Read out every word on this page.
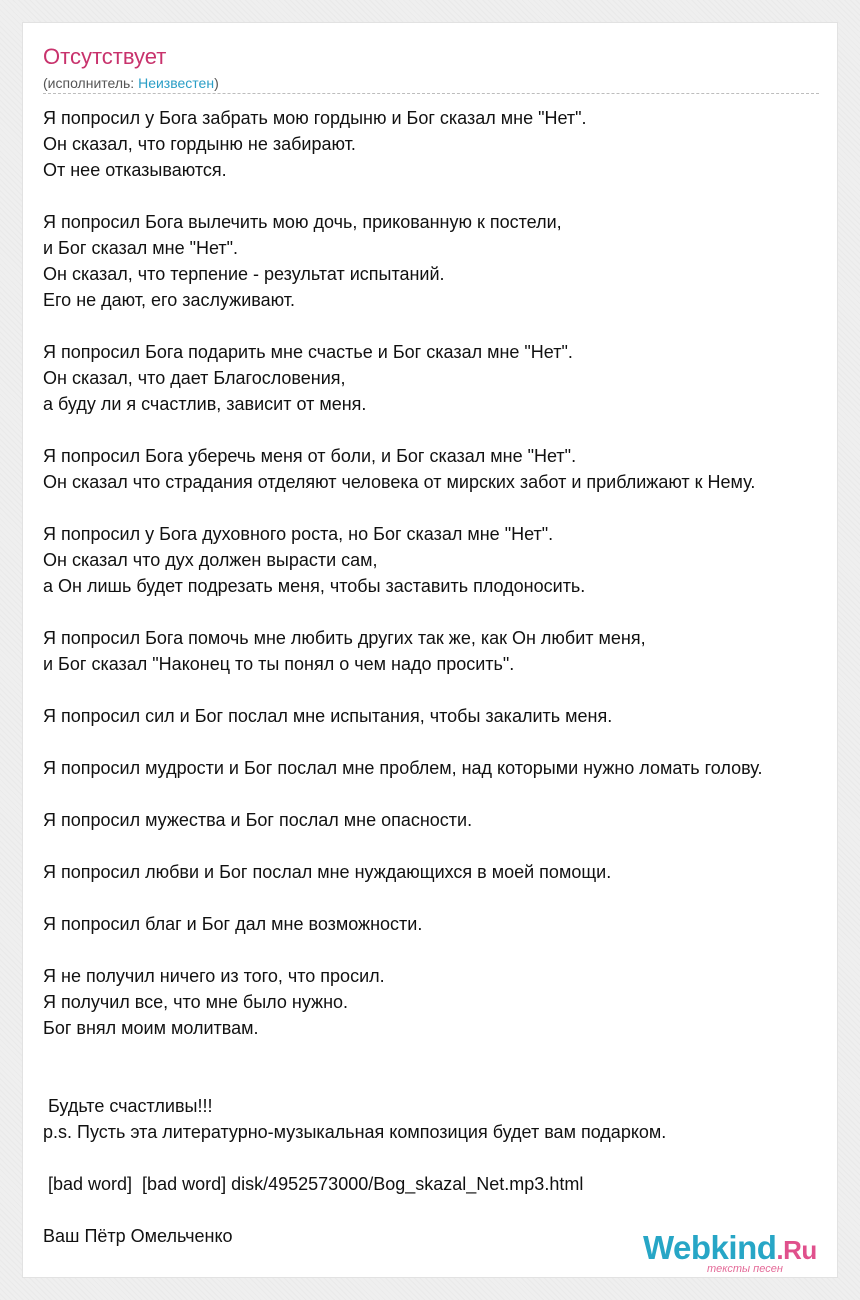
Отсутствует
(исполнитель: Неизвестен)
Я попросил у Бога забрать мою гордыню и Бог сказал мне "Нет".
Он сказал, что гордыню не забирают.
От нее отказываются.
Я попросил Бога вылечить мою дочь, прикованную к постели,
и Бог сказал мне "Нет".
Он сказал, что терпение - результат испытаний.
Его не дают, его заслуживают.
Я попросил Бога подарить мне счастье и Бог сказал мне "Нет".
Он сказал, что дает Благословения,
а буду ли я счастлив, зависит от меня.
Я попросил Бога уберечь меня от боли, и Бог сказал мне "Нет".
Он сказал что страдания отделяют человека от мирских забот и приближают к Нему.
Я попросил у Бога духовного роста, но Бог сказал мне "Нет".
Он сказал что дух должен вырасти сам,
а Он лишь будет подрезать меня, чтобы заставить плодоносить.
Я попросил Бога помочь мне любить других так же, как Он любит меня,
и Бог сказал "Наконец то ты понял о чем надо просить".
Я попросил сил и Бог послал мне испытания, чтобы закалить меня.
Я попросил мудрости и Бог послал мне проблем, над которыми нужно ломать голову.
Я попросил мужества и Бог послал мне опасности.
Я попросил любви и Бог послал мне нуждающихся в моей помощи.
Я попросил благ и Бог дал мне возможности.
Я не получил ничего из того, что просил.
Я получил все, что мне было нужно.
Бог внял моим молитвам.
Будьте счастливы!!!
p.s. Пусть эта литературно-музыкальная композиция будет вам подарком.
[bad word]  [bad word] disk/4952573000/Bog_skazal_Net.mp3.html
Ваш Пётр Омельченко	Webkind.Ru
тексты песен
